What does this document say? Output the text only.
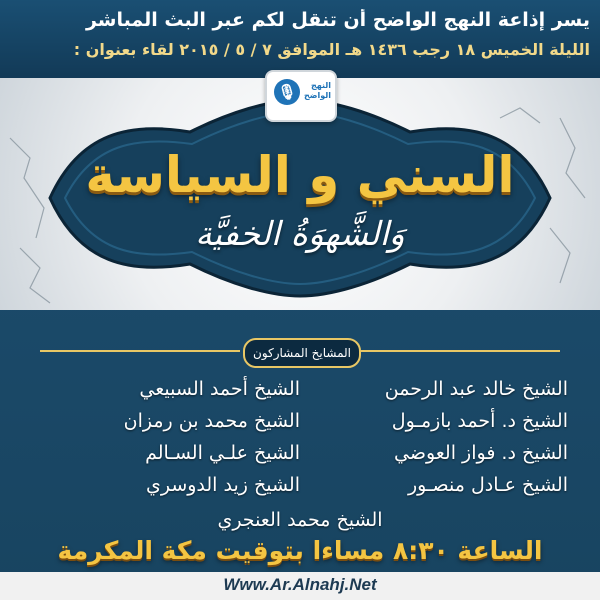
يسر إذاعة النهج الواضح أن تنقل لكم عبر البث المباشر
الليلة الخميس ١٨ رجب ١٤٣٦ هـ الموافق ٧ / ٥ / ٢٠١٥ لقاء بعنوان :
🎙	النهج
الواضح
السني و السياسة
وَالشَّهوَةُ الخفيَّة
المشايخ المشاركون
الشيخ خالد عبد الرحمن
الشيخ د. أحمد بازمـول
الشيخ د. فواز العوضي
الشيخ عـادل منصـور
الشيخ أحمد السبيعي
الشيخ محمد بن رمزان
الشيخ علـي السـالم
الشيخ زيد الدوسري
الشيخ محمد العنجري
الساعة ٨:٣٠ مساءا بتوقيت مكة المكرمة
Www.Ar.Alnahj.Net
